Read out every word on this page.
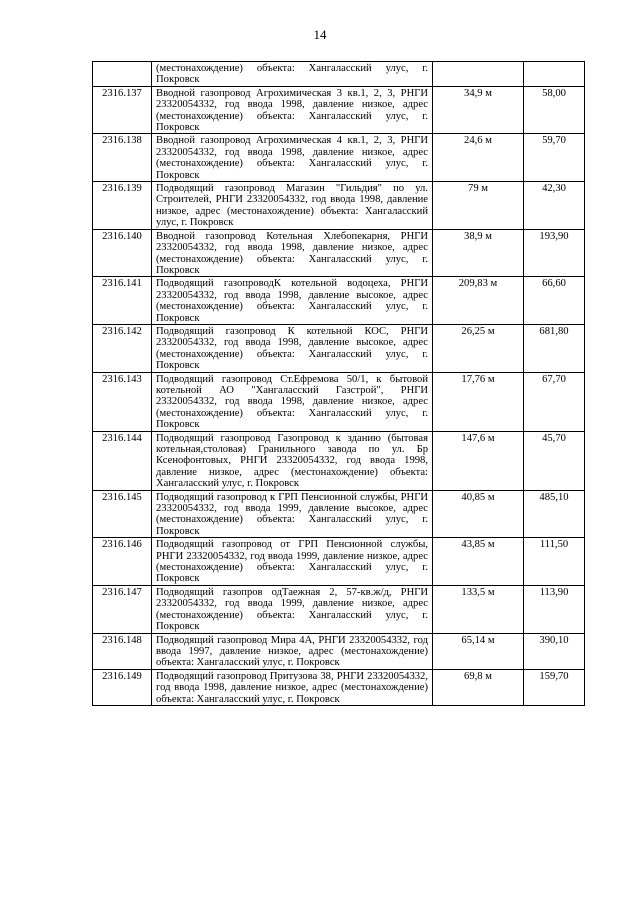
14
	(местонахождение) объекта: Хангаласский улус, г. Покровск		
2316.137	Вводной газопровод Агрохимическая 3 кв.1, 2, 3, РНГИ 23320054332, год ввода 1998, давление низкое, адрес (местонахождение) объекта: Хангаласский улус, г. Покровск	34,9 м	58,00
2316.138	Вводной газопровод Агрохимическая 4 кв.1, 2, 3, РНГИ 23320054332, год ввода 1998, давление низкое, адрес (местонахождение) объекта: Хангаласский улус, г. Покровск	24,6 м	59,70
2316.139	Подводящий газопровод Магазин "Гильдия" по ул. Строителей, РНГИ 23320054332, год ввода 1998, давление низкое, адрес (местонахождение) объекта: Хангаласский улус, г. Покровск	79 м	42,30
2316.140	Вводной газопровод Котельная Хлебопекарня, РНГИ 23320054332, год ввода 1998, давление низкое, адрес (местонахождение) объекта: Хангаласский улус, г. Покровск	38,9 м	193,90
2316.141	Подводящий газопроводК котельной водоцеха, РНГИ 23320054332, год ввода 1998, давление высокое, адрес (местонахождение) объекта: Хангаласский улус, г. Покровск	209,83 м	66,60
2316.142	Подводящий газопровод К котельной КОС, РНГИ 23320054332, год ввода 1998, давление высокое, адрес (местонахождение) объекта: Хангаласский улус, г. Покровск	26,25 м	681,80
2316.143	Подводящий газопровод Ст.Ефремова 50/1, к бытовой котельной АО "Хангаласский Газстрой", РНГИ 23320054332, год ввода 1998, давление низкое, адрес (местонахождение) объекта: Хангаласский улус, г. Покровск	17,76 м	67,70
2316.144	Подводящий газопровод Газопровод к зданию (бытовая котельная,столовая) Гранильного завода по ул. Бр Ксенофонтовых, РНГИ 23320054332, год ввода 1998, давление низкое, адрес (местонахождение) объекта: Хангаласский улус, г. Покровск	147,6 м	45,70
2316.145	Подводящий газопровод к ГРП Пенсионной службы, РНГИ 23320054332, год ввода 1999, давление высокое, адрес (местонахождение) объекта: Хангаласский улус, г. Покровск	40,85 м	485,10
2316.146	Подводящий газопровод от ГРП Пенсионной службы, РНГИ 23320054332, год ввода 1999, давление низкое, адрес (местонахождение) объекта: Хангаласский улус, г. Покровск	43,85 м	111,50
2316.147	Подводящий газопров одТаежная 2, 57-кв.ж/д, РНГИ 23320054332, год ввода 1999, давление низкое, адрес (местонахождение) объекта: Хангаласский улус, г. Покровск	133,5 м	113,90
2316.148	Подводящий газопровод Мира 4А, РНГИ 23320054332, год ввода 1997, давление низкое, адрес (местонахождение) объекта: Хангаласский улус, г. Покровск	65,14 м	390,10
2316.149	Подводящий газопровод Притузова 38, РНГИ 23320054332, год ввода 1998, давление низкое, адрес (местонахождение) объекта: Хангаласский улус, г. Покровск	69,8 м	159,70
